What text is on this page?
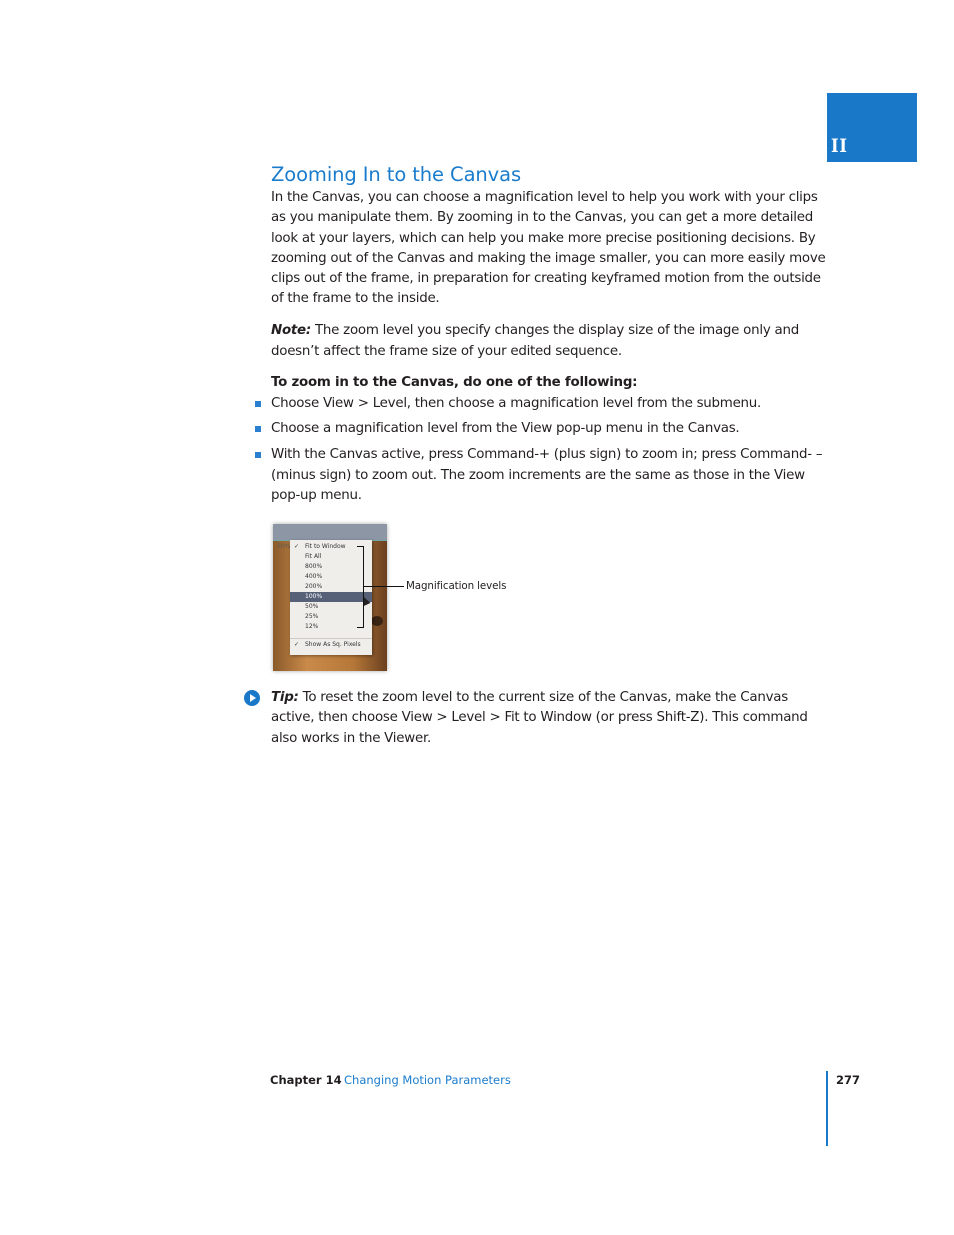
II
Zooming In to the Canvas

In the Canvas, you can choose a magnification level to help you work with your clips as you manipulate them. By zooming in to the Canvas, you can get a more detailed look at your layers, which can help you make more precise positioning decisions. By zooming out of the Canvas and making the image smaller, you can more easily move clips out of the frame, in preparation for creating keyframed motion from the outside of the frame to the inside.

Note: The zoom level you specify changes the display size of the image only and doesn’t affect the frame size of your edited sequence.

To zoom in to the Canvas, do one of the following:

Choose View > Level, then choose a magnification level from the submenu.
Choose a magnification level from the View pop-up menu in the Canvas.
With the Canvas active, press Command-+ (plus sign) to zoom in; press Command- – (minus sign) to zoom out. The zoom increments are the same as those in the View pop-up menu.
50% ✓ Fit to Window
Fit All
800%
400%
200%
100%
50%
25%
12%
✓ Show As Sq. Pixels
Magnification levels

Tip: To reset the zoom level to the current size of the Canvas, make the Canvas active, then choose View > Level > Fit to Window (or press Shift-Z). This command also works in the Viewer.

Chapter 14 Changing Motion Parameters	277
